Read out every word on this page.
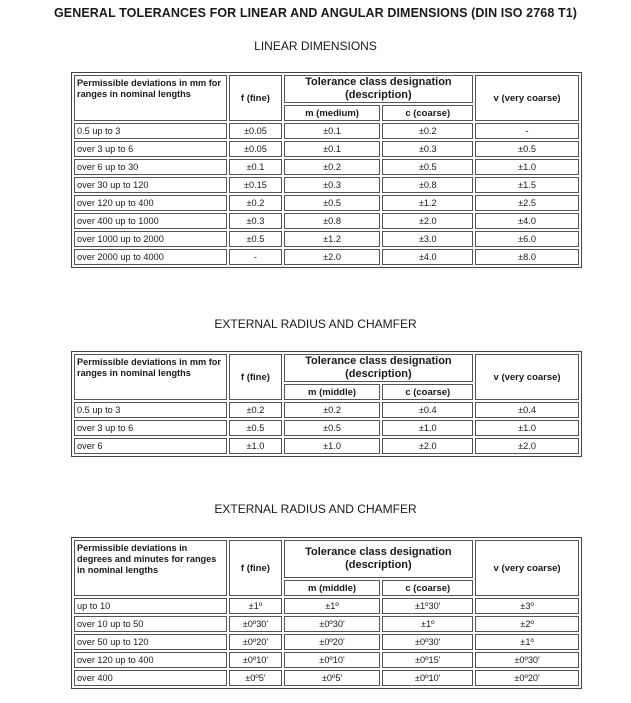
GENERAL TOLERANCES FOR LINEAR AND ANGULAR DIMENSIONS (DIN ISO 2768 T1)
LINEAR DIMENSIONS
Permissible deviations in mm for ranges in nominal lengths	f (fine)	Tolerance class designation (description)		v (very coarse)
		m (medium)	c (coarse)	
0.5 up to 3	±0.05	±0.1	±0.2	-
over 3 up to 6	±0.05	±0.1	±0.3	±0.5
over 6 up to 30	±0.1	±0.2	±0.5	±1.0
over 30 up to 120	±0.15	±0.3	±0.8	±1.5
over 120 up to 400	±0.2	±0.5	±1.2	±2.5
over 400 up to 1000	±0.3	±0.8	±2.0	±4.0
over 1000 up to 2000	±0.5	±1.2	±3.0	±6.0
over 2000 up to 4000	-	±2.0	±4.0	±8.0
EXTERNAL RADIUS AND CHAMFER
Permissible deviations in mm for ranges in nominal lengths	f (fine)	Tolerance class designation (description)		v (very coarse)
		m (middle)	c (coarse)	
0.5 up to 3	±0.2	±0.2	±0.4	±0.4
over 3 up to 6	±0.5	±0.5	±1.0	±1.0
over 6	±1.0	±1.0	±2.0	±2.0
EXTERNAL RADIUS AND CHAMFER
Permissible deviations in degrees and minutes for ranges in nominal lengths	f (fine)	Tolerance class designation (description)		v (very coarse)
		m (middle)	c (coarse)	
up to 10	±1º	±1º	±1º30'	±3º
over 10 up to 50	±0º30'	±0º30'	±1º	±2º
over 50 up to 120	±0º20'	±0º20'	±0º30'	±1º
over 120 up to 400	±0º10'	±0º10'	±0º15'	±0º30'
over 400	±0º5'	±0º5'	±0º10'	±0º20'
